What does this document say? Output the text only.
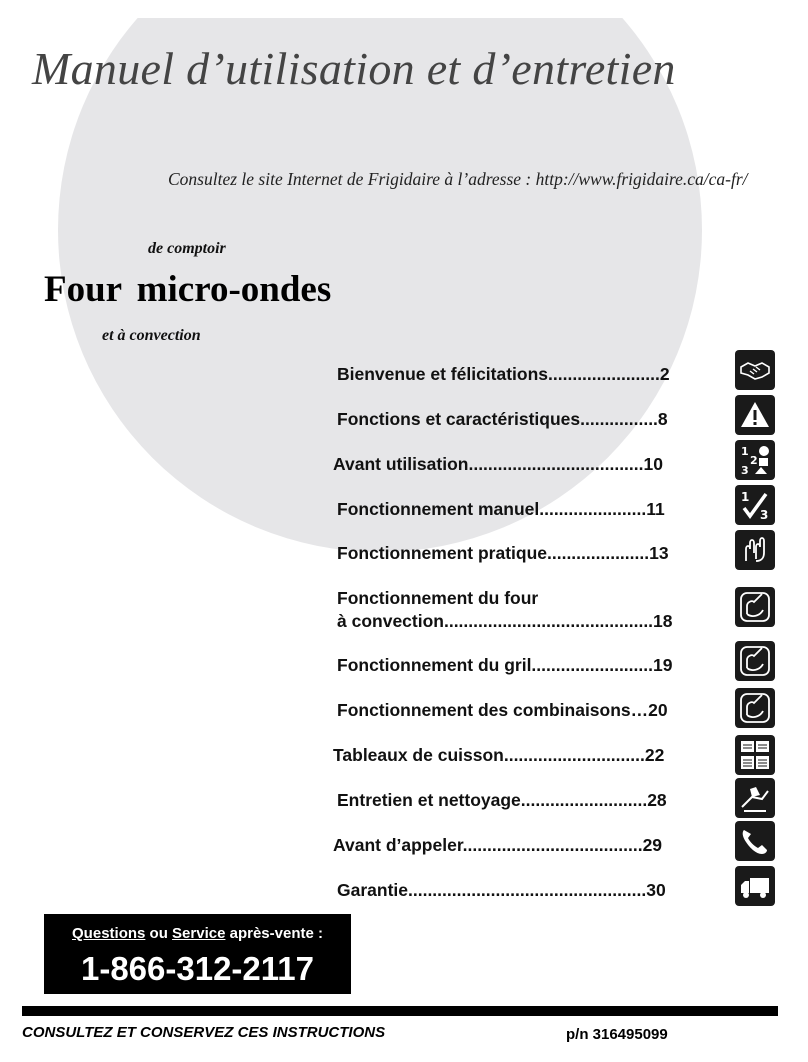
Manuel d’utilisation et d’entretien
Consultez le site Internet de Frigidaire à l’adresse : http://www.frigidaire.ca/ca-fr/
de comptoir
Four micro-ondes
et à convection
Bienvenue et félicitations.......................2
Fonctions et caractéristiques................8
Avant utilisation....................................10
Fonctionnement manuel......................11
Fonctionnement pratique.....................13
Fonctionnement du four
à convection...........................................18
Fonctionnement du gril.........................19
Fonctionnement des combinaisons…20
Tableaux de cuisson.............................22
Entretien et nettoyage..........................28
Avant d’appeler.....................................29
Garantie.................................................30
1
2
3
1
3
Questions ou Service après-vente :
1-866-312-2117
CONSULTEZ ET CONSERVEZ CES INSTRUCTIONS	p/n 316495099
